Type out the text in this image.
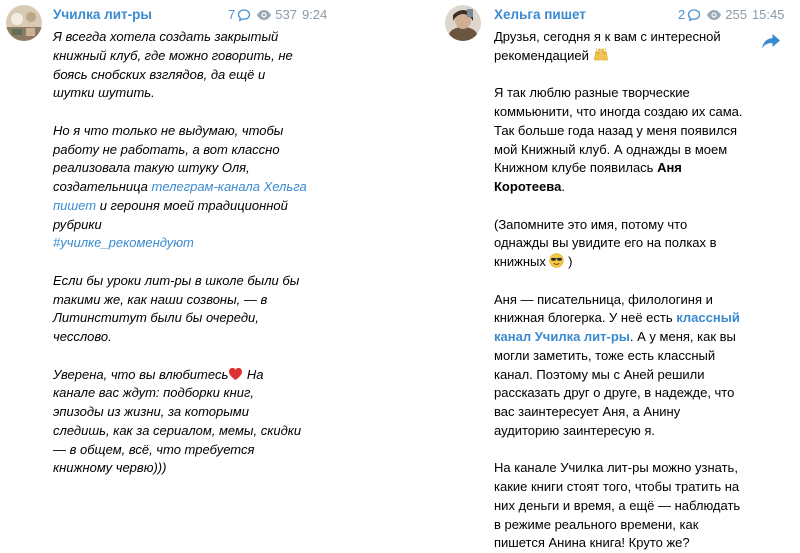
Училка лит-ры	7	537 9:24
Я всегда хотела создать закрытый книжный клуб, где можно говорить, не боясь снобских взглядов, да ещё и шутки шутить.

Но я что только не выдумаю, чтобы работу не работать, а вот классно реализовала такую штуку Оля, создательница телеграм-канала Хельга пишет и героиня моей традиционной рубрики
#училке_рекомендуют

Если бы уроки лит-ры в школе были бы такими же, как наши созвоны, — в Литинститут были бы очереди, чесслово.

Уверена, что вы влюбитесь На канале вас ждут: подборки книг, эпизоды из жизни, за которыми следишь, как за сериалом, мемы, скидки — в общем, всё, что требуется книжному червю)))
Хельга пишет	2	255 15:45
Друзья, сегодня я к вам с интересной рекомендацией

Я так люблю разные творческие коммьюнити, что иногда создаю их сама. Так больше года назад у меня появился мой Книжный клуб. А однажды в моем Книжном клубе появилась Аня Коротеева.

(Запомните это имя, потому что однажды вы увидите его на полках в книжных  )

Аня — писательница, филологиня и книжная блогерка. У неё есть классный канал Училка лит-ры. А у меня, как вы могли заметить, тоже есть классный канал. Поэтому мы с Аней решили рассказать друг о друге, в надежде, что вас заинтересует Аня, а Анину аудиторию заинтересую я.

На канале Училка лит-ры можно узнать, какие книги стоят того, чтобы тратить на них деньги и время, а ещё — наблюдать в режиме реального времени, как пишется Анина книга! Круто же?
